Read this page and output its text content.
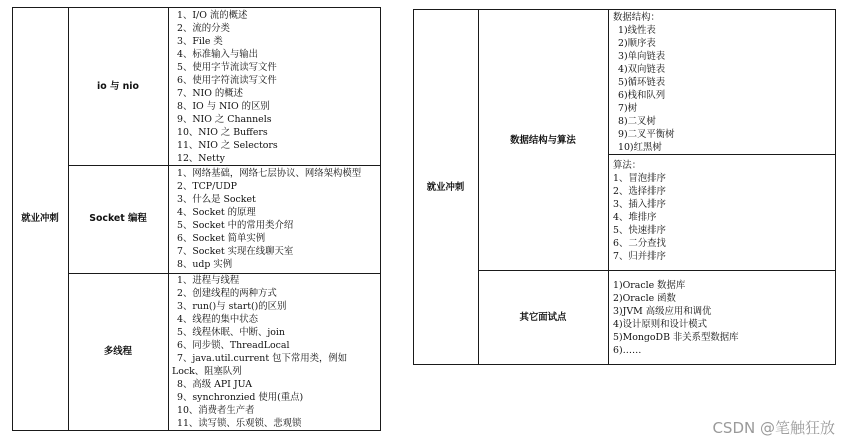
就业冲刺
io 与 nio
1、I/O 流的概述
2、流的分类
3、File 类
4、标准输入与输出
5、使用字节流读写文件
6、使用字符流读写文件
7、NIO 的概述
8、IO 与 NIO 的区别
9、NIO 之 Channels
10、NIO 之 Buffers
11、NIO 之 Selectors
12、Netty
Socket 编程
1、网络基础，网络七层协议、网络架构模型
2、TCP/UDP
3、什么是 Socket
4、Socket 的原理
5、Socket 中的常用类介绍
6、Socket 简单实例
7、Socket 实现在线聊天室
8、udp 实例
多线程
1、进程与线程
2、创建线程的两种方式
3、run()与 start()的区别
4、线程的集中状态
5、线程休眠、中断、join
6、同步锁、ThreadLocal
7、java.util.current 包下常用类，例如
Lock、阻塞队列
8、高级 API JUA
9、synchronzied 使用(重点)
10、消费者生产者
11、读写锁、乐观锁、悲观锁
就业冲刺
数据结构与算法
其它面试点
数据结构：
1)线性表
2)顺序表
3)单向链表
4)双向链表
5)循环链表
6)栈和队列
7)树
8)二叉树
9)二叉平衡树
10)红黑树
算法：
1、冒泡排序
2、选择排序
3、插入排序
4、堆排序
5、快速排序
6、二分查找
7、归并排序
1)Oracle 数据库
2)Oracle 函数
3)JVM 高级应用和调优
4)设计原则和设计模式
5)MongoDB 非关系型数据库
6)……
CSDN @笔触狂放
